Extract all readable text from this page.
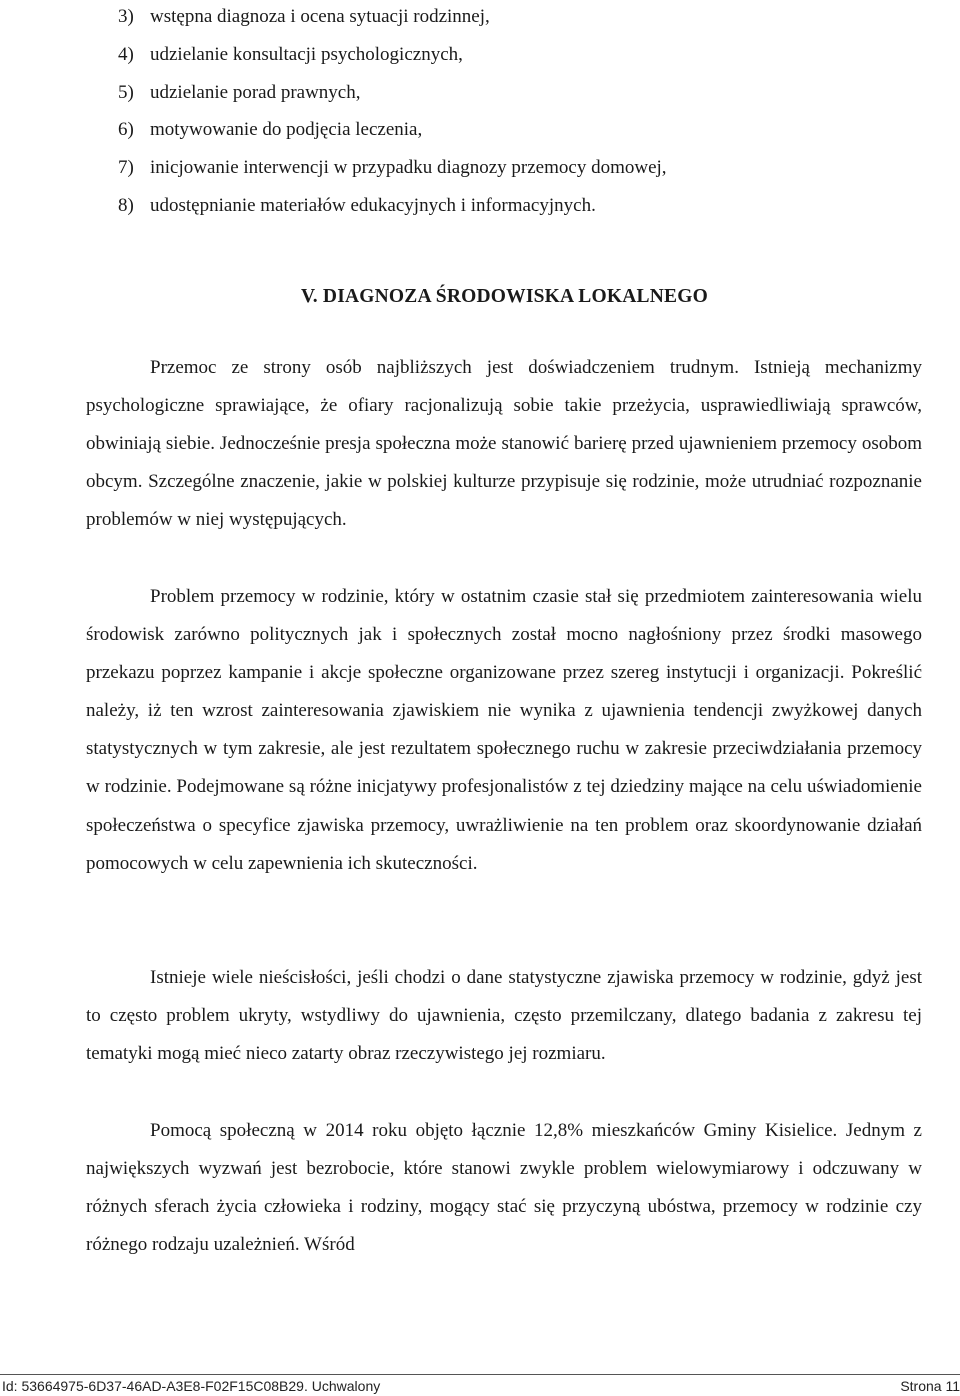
3) wstępna diagnoza i ocena sytuacji rodzinnej,
4) udzielanie konsultacji psychologicznych,
5) udzielanie porad prawnych,
6) motywowanie do podjęcia leczenia,
7) inicjowanie interwencji w przypadku diagnozy przemocy domowej,
8) udostępnianie materiałów edukacyjnych i informacyjnych.
V. DIAGNOZA ŚRODOWISKA LOKALNEGO

Przemoc ze strony osób najbliższych jest doświadczeniem trudnym. Istnieją mechanizmy psychologiczne sprawiające, że ofiary racjonalizują sobie takie przeżycia, usprawiedliwiają sprawców, obwiniają siebie. Jednocześnie presja społeczna może stanowić barierę przed ujawnieniem przemocy osobom obcym. Szczególne znaczenie, jakie w polskiej kulturze przypisuje się rodzinie, może utrudniać rozpoznanie problemów w niej występujących.

Problem przemocy w rodzinie, który w ostatnim czasie stał się przedmiotem zainteresowania wielu środowisk zarówno politycznych jak i społecznych został mocno nagłośniony przez środki masowego przekazu poprzez kampanie i akcje społeczne organizowane przez szereg instytucji i organizacji. Pokreślić należy, iż ten wzrost zainteresowania zjawiskiem nie wynika z ujawnienia tendencji zwyżkowej danych statystycznych w tym zakresie, ale jest rezultatem społecznego ruchu w zakresie przeciwdziałania przemocy w rodzinie. Podejmowane są różne inicjatywy profesjonalistów z tej dziedziny mające na celu uświadomienie społeczeństwa o specyfice zjawiska przemocy, uwrażliwienie na ten problem oraz skoordynowanie działań pomocowych w celu zapewnienia ich skuteczności.

Istnieje wiele nieścisłości, jeśli chodzi o dane statystyczne zjawiska przemocy w rodzinie, gdyż jest to często problem ukryty, wstydliwy do ujawnienia, często przemilczany, dlatego badania z zakresu tej tematyki mogą mieć nieco zatarty obraz rzeczywistego jej rozmiaru.

Pomocą społeczną w 2014 roku objęto łącznie 12,8% mieszkańców Gminy Kisielice. Jednym z największych wyzwań jest bezrobocie, które stanowi zwykle problem wielowymiarowy i odczuwany w różnych sferach życia człowieka i rodziny, mogący stać się przyczyną ubóstwa, przemocy w rodzinie czy różnego rodzaju uzależnień. Wśród

Id: 53664975-6D37-46AD-A3E8-F02F15C08B29. Uchwalony	Strona 11
